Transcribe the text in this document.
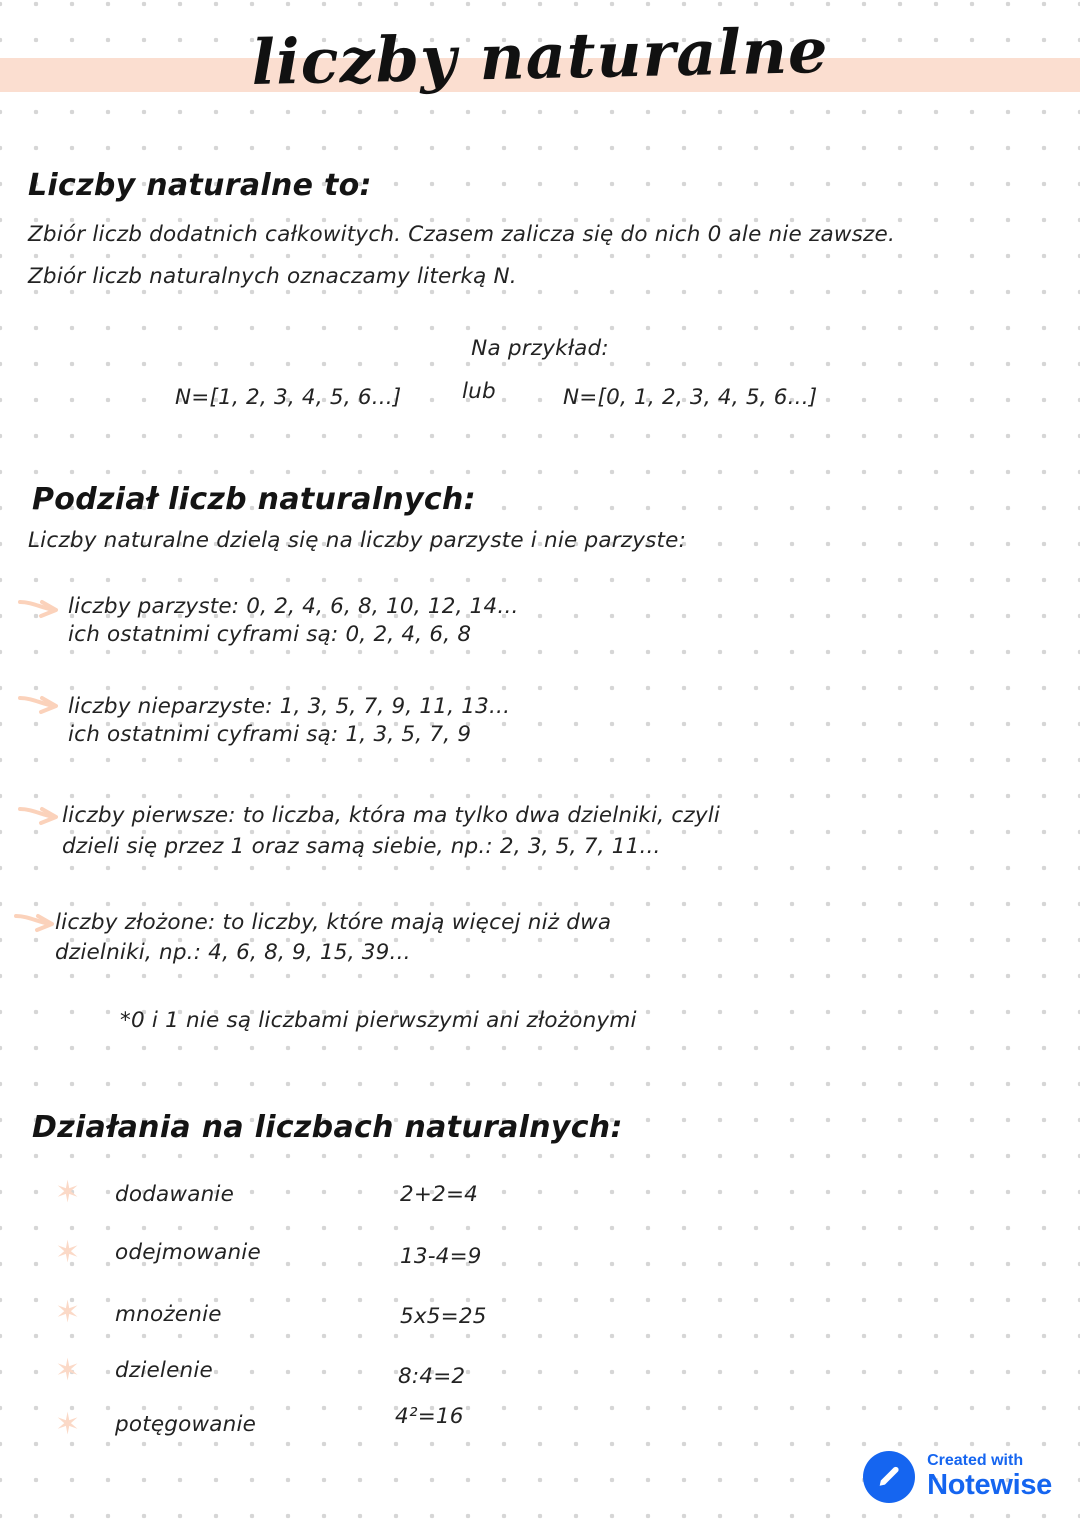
liczby naturalne
Liczby naturalne to:
Zbiór liczb dodatnich całkowitych. Czasem zalicza się do nich 0 ale nie zawsze.
Zbiór liczb naturalnych oznaczamy literką N.
Na przykład:
N=[1, 2, 3, 4, 5, 6...]	lub	N=[0, 1, 2, 3, 4, 5, 6...]
Podział liczb naturalnych:
Liczby naturalne dzielą się na liczby parzyste i nie parzyste:
liczby parzyste: 0, 2, 4, 6, 8, 10, 12, 14...
ich ostatnimi cyframi są: 0, 2, 4, 6, 8
liczby nieparzyste: 1, 3, 5, 7, 9, 11, 13...
ich ostatnimi cyframi są: 1, 3, 5, 7, 9
liczby pierwsze: to liczba, która ma tylko dwa dzielniki, czyli
dzieli się przez 1 oraz samą siebie, np.: 2, 3, 5, 7, 11...
liczby złożone: to liczby, które mają więcej niż dwa
dzielniki, np.: 4, 6, 8, 9, 15, 39...
*0 i 1 nie są liczbami pierwszymi ani złożonymi
Działania na liczbach naturalnych:
✶ dodawanie	2+2=4
✶ odejmowanie	13-4=9
✶ mnożenie	5x5=25
✶ dzielenie	8:4=2
✶ potęgowanie	4²=16
Created with
Notewise
